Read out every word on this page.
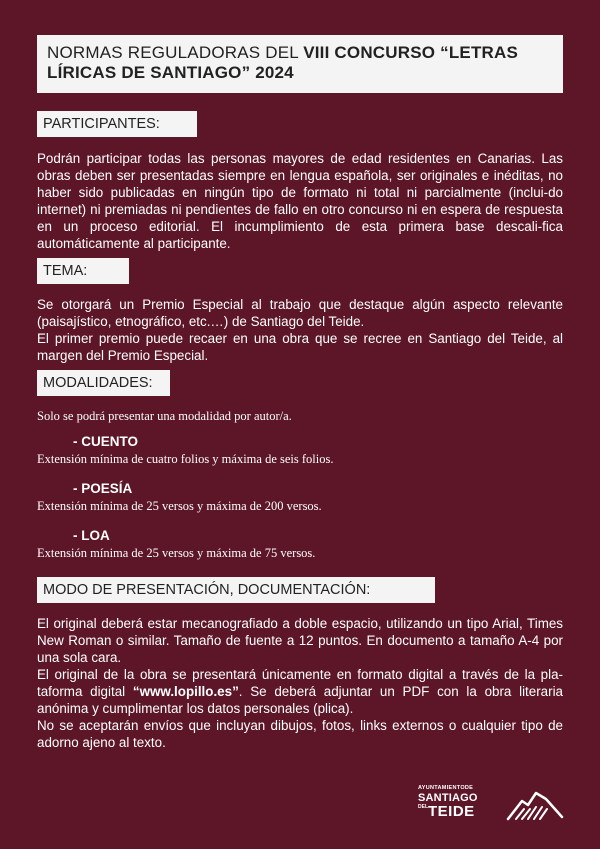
NORMAS REGULADORAS DEL VIII CONCURSO “LETRAS LÍRICAS DE SANTIAGO” 2024
PARTICIPANTES:

Podrán participar todas las personas mayores de edad residentes en Canarias. Las obras deben ser presentadas siempre en lengua española, ser originales e inéditas, no haber sido publicadas en ningún tipo de formato ni total ni parcialmente (inclui-do internet) ni premiadas ni pendientes de fallo en otro concurso ni en espera de respuesta en un proceso editorial. El incumplimiento de esta primera base descali-fica automáticamente al participante.

TEMA:

Se otorgará un Premio Especial al trabajo que destaque algún aspecto relevante (paisajístico, etnográfico, etc.…) de Santiago del Teide.

El primer premio puede recaer en una obra que se recree en Santiago del Teide, al margen del Premio Especial.

MODALIDADES:
Solo se podrá presentar una modalidad por autor/a.
- CUENTO
Extensión mínima de cuatro folios y máxima de seis folios.
- POESÍA
Extensión mínima de 25 versos y máxima de 200 versos.
- LOA
Extensión mínima de 25 versos y máxima de 75 versos.
MODO DE PRESENTACIÓN, DOCUMENTACIÓN:

El original deberá estar mecanografiado a doble espacio, utilizando un tipo Arial, Times New Roman o similar. Tamaño de fuente a 12 puntos. En documento a tamaño A-4 por una sola cara.

El original de la obra se presentará únicamente en formato digital a través de la pla-taforma digital “www.lopillo.es”. Se deberá adjuntar un PDF con la obra literaria anónima y cumplimentar los datos personales (plica).

No se aceptarán envíos que incluyan dibujos, fotos, links externos o cualquier tipo de adorno ajeno al texto.

AYUNTAMIENTODE
SANTIAGO
DEL TEIDE
